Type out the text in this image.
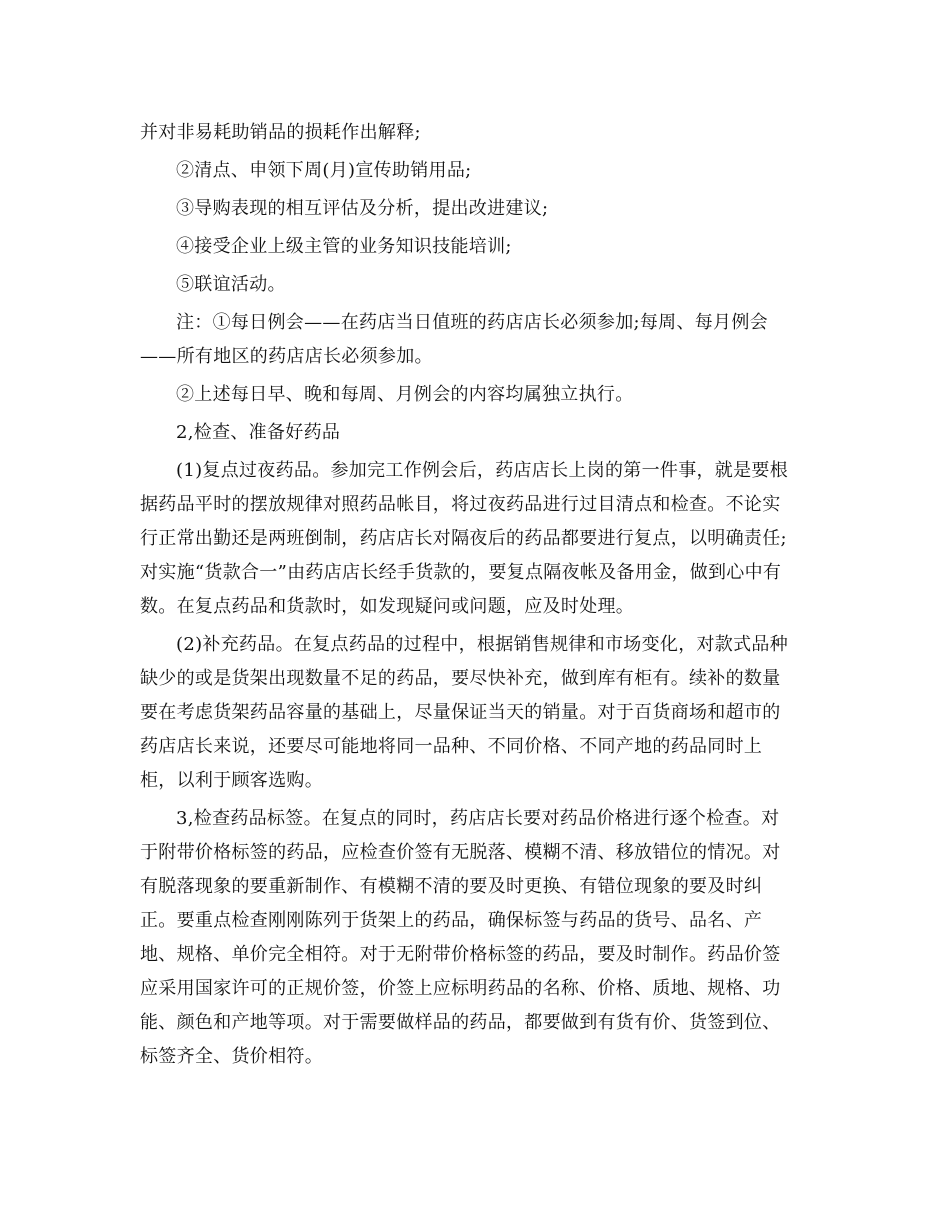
并对非易耗助销品的损耗作出解释;
②清点、申领下周(月)宣传助销用品;
③导购表现的相互评估及分析，提出改进建议;
④接受企业上级主管的业务知识技能培训;
⑤联谊活动。
注：①每日例会——在药店当日值班的药店店长必须参加;每周、每月例会
——所有地区的药店店长必须参加。
②上述每日早、晚和每周、月例会的内容均属独立执行。
2,检查、准备好药品
(1)复点过夜药品。参加完工作例会后，药店店长上岗的第一件事，就是要根
据药品平时的摆放规律对照药品帐目，将过夜药品进行过目清点和检查。不论实
行正常出勤还是两班倒制，药店店长对隔夜后的药品都要进行复点，以明确责任;
对实施“货款合一”由药店店长经手货款的，要复点隔夜帐及备用金，做到心中有
数。在复点药品和货款时，如发现疑问或问题，应及时处理。
(2)补充药品。在复点药品的过程中，根据销售规律和市场变化，对款式品种
缺少的或是货架出现数量不足的药品，要尽快补充，做到库有柜有。续补的数量
要在考虑货架药品容量的基础上，尽量保证当天的销量。对于百货商场和超市的
药店店长来说，还要尽可能地将同一品种、不同价格、不同产地的药品同时上
柜，以利于顾客选购。
3,检查药品标签。在复点的同时，药店店长要对药品价格进行逐个检查。对
于附带价格标签的药品，应检查价签有无脱落、模糊不清、移放错位的情况。对
有脱落现象的要重新制作、有模糊不清的要及时更换、有错位现象的要及时纠
正。要重点检查刚刚陈列于货架上的药品，确保标签与药品的货号、品名、产
地、规格、单价完全相符。对于无附带价格标签的药品，要及时制作。药品价签
应采用国家许可的正规价签，价签上应标明药品的名称、价格、质地、规格、功
能、颜色和产地等项。对于需要做样品的药品，都要做到有货有价、货签到位、
标签齐全、货价相符。
